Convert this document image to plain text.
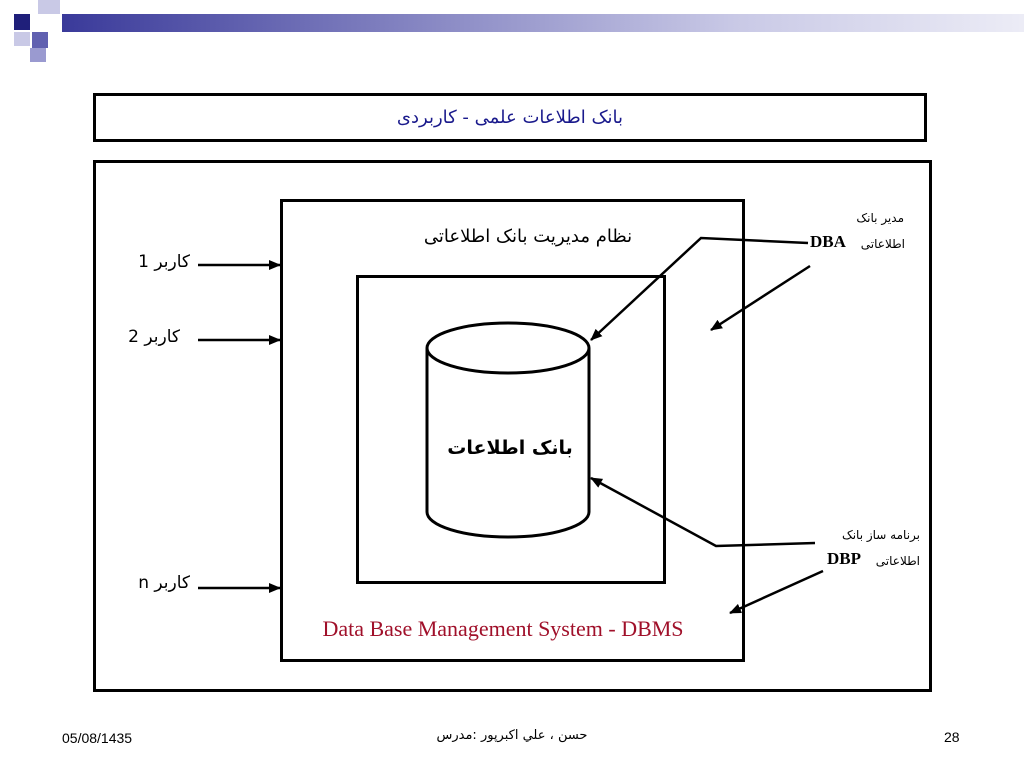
بانک اطلاعات علمی - کاربردی
نظام مدیریت بانک اطلاعاتی
بانک اطلاعات
Data Base Management System - DBMS
کاربر 1
کاربر 2
کاربر n
مدیر بانک
DBA	اطلاعاتی
برنامه ساز بانک
DBP	اطلاعاتی
05/08/1435	حسن ، علي اكبرپور :مدرس	28
